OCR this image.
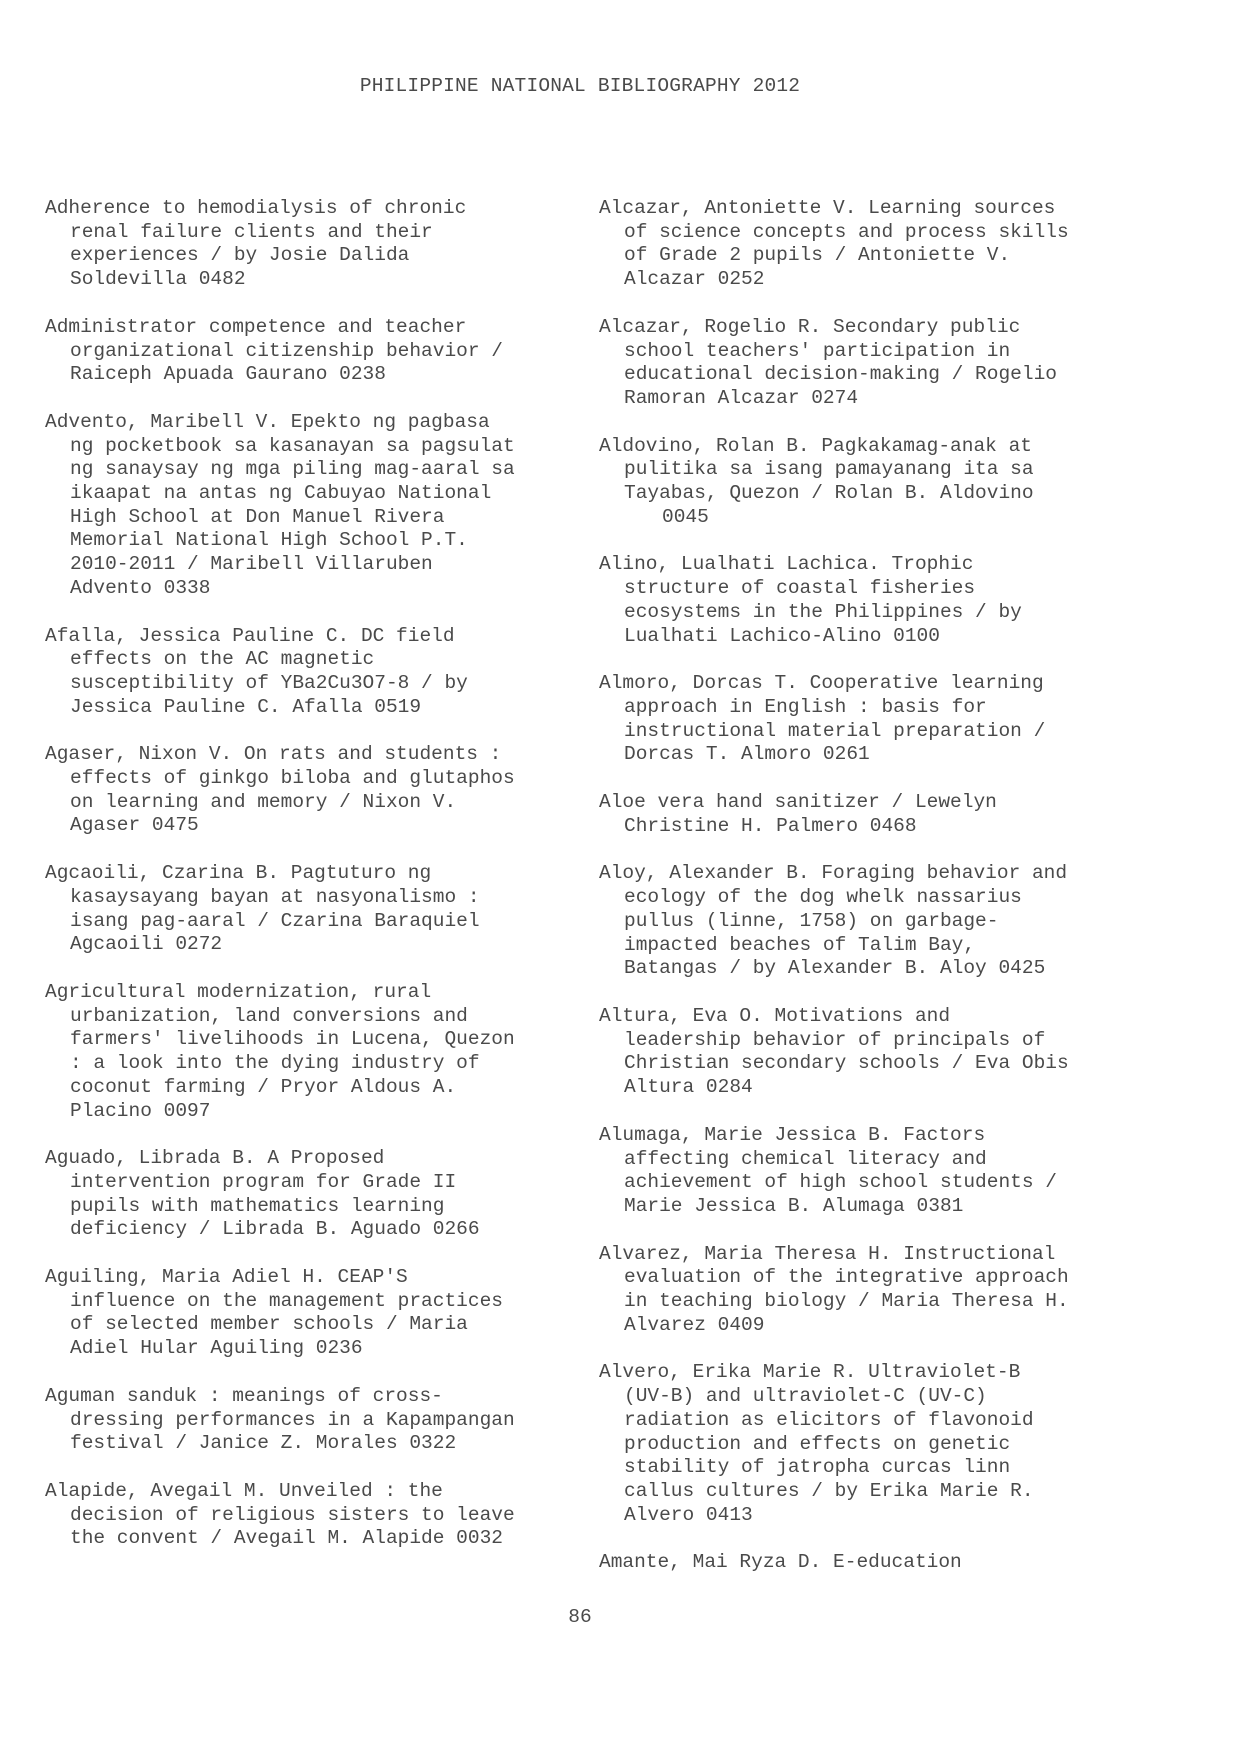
PHILIPPINE NATIONAL BIBLIOGRAPHY 2012
Adherence to hemodialysis of chronic
renal failure clients and their
experiences / by Josie Dalida
Soldevilla 0482
Administrator competence and teacher
organizational citizenship behavior /
Raiceph Apuada Gaurano 0238
Advento, Maribell V. Epekto ng pagbasa
ng pocketbook sa kasanayan sa pagsulat
ng sanaysay ng mga piling mag-aaral sa
ikaapat na antas ng Cabuyao National
High School at Don Manuel Rivera
Memorial National High School P.T.
2010-2011 / Maribell Villaruben
Advento 0338
Afalla, Jessica Pauline C. DC field
effects on the AC magnetic
susceptibility of YBa2Cu3O7-8 / by
Jessica Pauline C. Afalla 0519
Agaser, Nixon V. On rats and students :
effects of ginkgo biloba and glutaphos
on learning and memory / Nixon V.
Agaser 0475
Agcaoili, Czarina B. Pagtuturo ng
kasaysayang bayan at nasyonalismo :
isang pag-aaral / Czarina Baraquiel
Agcaoili 0272
Agricultural modernization, rural
urbanization, land conversions and
farmers' livelihoods in Lucena, Quezon
: a look into the dying industry of
coconut farming / Pryor Aldous A.
Placino 0097
Aguado, Librada B. A Proposed
intervention program for Grade II
pupils with mathematics learning
deficiency / Librada B. Aguado 0266
Aguiling, Maria Adiel H. CEAP'S
influence on the management practices
of selected member schools / Maria
Adiel Hular Aguiling 0236
Aguman sanduk : meanings of cross-
dressing performances in a Kapampangan
festival / Janice Z. Morales 0322
Alapide, Avegail M. Unveiled : the
decision of religious sisters to leave
the convent / Avegail M. Alapide 0032
Alcazar, Antoniette V. Learning sources
of science concepts and process skills
of Grade 2 pupils / Antoniette V.
Alcazar 0252
Alcazar, Rogelio R. Secondary public
school teachers' participation in
educational decision-making / Rogelio
Ramoran Alcazar 0274
Aldovino, Rolan B. Pagkakamag-anak at
pulitika sa isang pamayanang ita sa
Tayabas, Quezon / Rolan B. Aldovino
0045
Alino, Lualhati Lachica. Trophic
structure of coastal fisheries
ecosystems in the Philippines / by
Lualhati Lachico-Alino 0100
Almoro, Dorcas T. Cooperative learning
approach in English : basis for
instructional material preparation /
Dorcas T. Almoro 0261
Aloe vera hand sanitizer / Lewelyn
Christine H. Palmero 0468
Aloy, Alexander B. Foraging behavior and
ecology of the dog whelk nassarius
pullus (linne, 1758) on garbage-
impacted beaches of Talim Bay,
Batangas / by Alexander B. Aloy 0425
Altura, Eva O. Motivations and
leadership behavior of principals of
Christian secondary schools / Eva Obis
Altura 0284
Alumaga, Marie Jessica B. Factors
affecting chemical literacy and
achievement of high school students /
Marie Jessica B. Alumaga 0381
Alvarez, Maria Theresa H. Instructional
evaluation of the integrative approach
in teaching biology / Maria Theresa H.
Alvarez 0409
Alvero, Erika Marie R. Ultraviolet-B
(UV-B) and ultraviolet-C (UV-C)
radiation as elicitors of flavonoid
production and effects on genetic
stability of jatropha curcas linn
callus cultures / by Erika Marie R.
Alvero 0413
Amante, Mai Ryza D. E-education
86
